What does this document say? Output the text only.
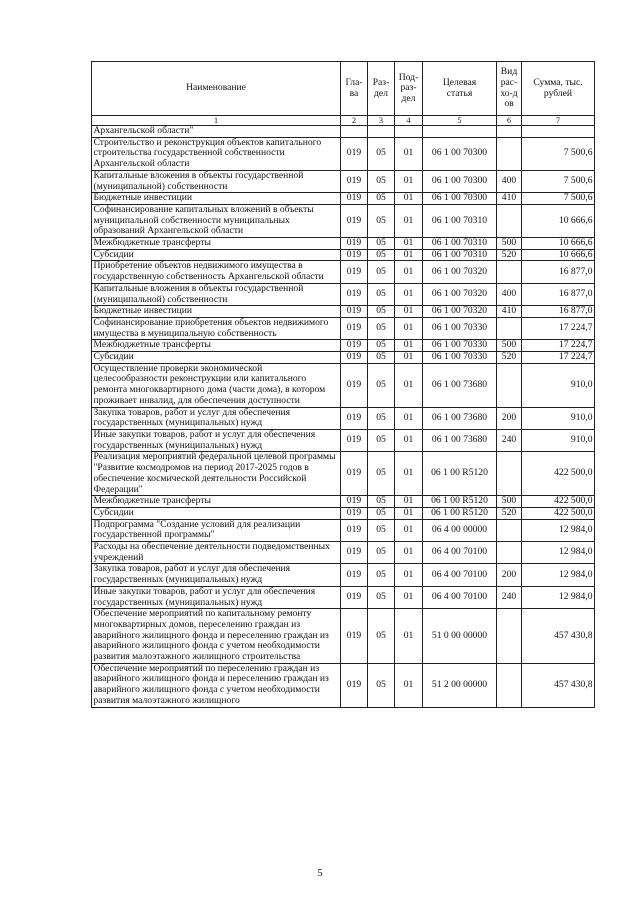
Наименование	Гла-ва	Раз-дел	Под-раз-дел	Целевая статья	Вид рас-хо-дов	Сумма, тыс. рублей
1	2	3	4	5	6	7
Архангельской области"						
Строительство и реконструкция объектов капитального строительства государственной собственности Архангельской области	019	05	01	06 1 00 70300		7 500,6
Капитальные вложения в объекты государственной (муниципальной) собственности	019	05	01	06 1 00 70300	400	7 500,6
Бюджетные инвестиции	019	05	01	06 1 00 70300	410	7 500,6
Софинансирование капитальных вложений в объекты муниципальной собственности муниципальных образований Архангельской области	019	05	01	06 1 00 70310		10 666,6
Межбюджетные трансферты	019	05	01	06 1 00 70310	500	10 666,6
Субсидии	019	05	01	06 1 00 70310	520	10 666,6
Приобретение объектов недвижимого имущества в государственную собственность Архангельской области	019	05	01	06 1 00 70320		16 877,0
Капитальные вложения в объекты государственной (муниципальной) собственности	019	05	01	06 1 00 70320	400	16 877,0
Бюджетные инвестиции	019	05	01	06 1 00 70320	410	16 877,0
Софинансирование приобретения объектов недвижимого имущества в муниципальную собственность	019	05	01	06 1 00 70330		17 224,7
Межбюджетные трансферты	019	05	01	06 1 00 70330	500	17 224,7
Субсидии	019	05	01	06 1 00 70330	520	17 224,7
Осуществление проверки экономической целесообразности реконструкции или капитального ремонта многоквартирного дома (части дома), в котором проживает инвалид, для обеспечения доступности	019	05	01	06 1 00 73680		910,0
Закупка товаров, работ и услуг для обеспечения государственных (муниципальных) нужд	019	05	01	06 1 00 73680	200	910,0
Иные закупки товаров, работ и услуг для обеспечения государственных (муниципальных) нужд	019	05	01	06 1 00 73680	240	910,0
Реализация мероприятий федеральной целевой программы "Развитие космодромов на период 2017-2025 годов в обеспечение космической деятельности Российской Федерации"	019	05	01	06 1 00 R5120		422 500,0
Межбюджетные трансферты	019	05	01	06 1 00 R5120	500	422 500,0
Субсидии	019	05	01	06 1 00 R5120	520	422 500,0
Подпрограмма "Создание условий для реализации государственной программы"	019	05	01	06 4 00 00000		12 984,0
Расходы на обеспечение деятельности подведомственных учреждений	019	05	01	06 4 00 70100		12 984,0
Закупка товаров, работ и услуг для обеспечения государственных (муниципальных) нужд	019	05	01	06 4 00 70100	200	12 984,0
Иные закупки товаров, работ и услуг для обеспечения государственных (муниципальных) нужд	019	05	01	06 4 00 70100	240	12 984,0
Обеспечение мероприятий по капитальному ремонту многоквартирных домов, переселению граждан из аварийного жилищного фонда и переселению граждан из аварийного жилищного фонда с учетом необходимости развития малоэтажного жилищного строительства	019	05	01	51 0 00 00000		457 430,8
Обеспечение мероприятий по переселению граждан из аварийного жилищного фонда и переселению граждан из аварийного жилищного фонда с учетом необходимости развития малоэтажного жилищного	019	05	01	51 2 00 00000		457 430,8
5
